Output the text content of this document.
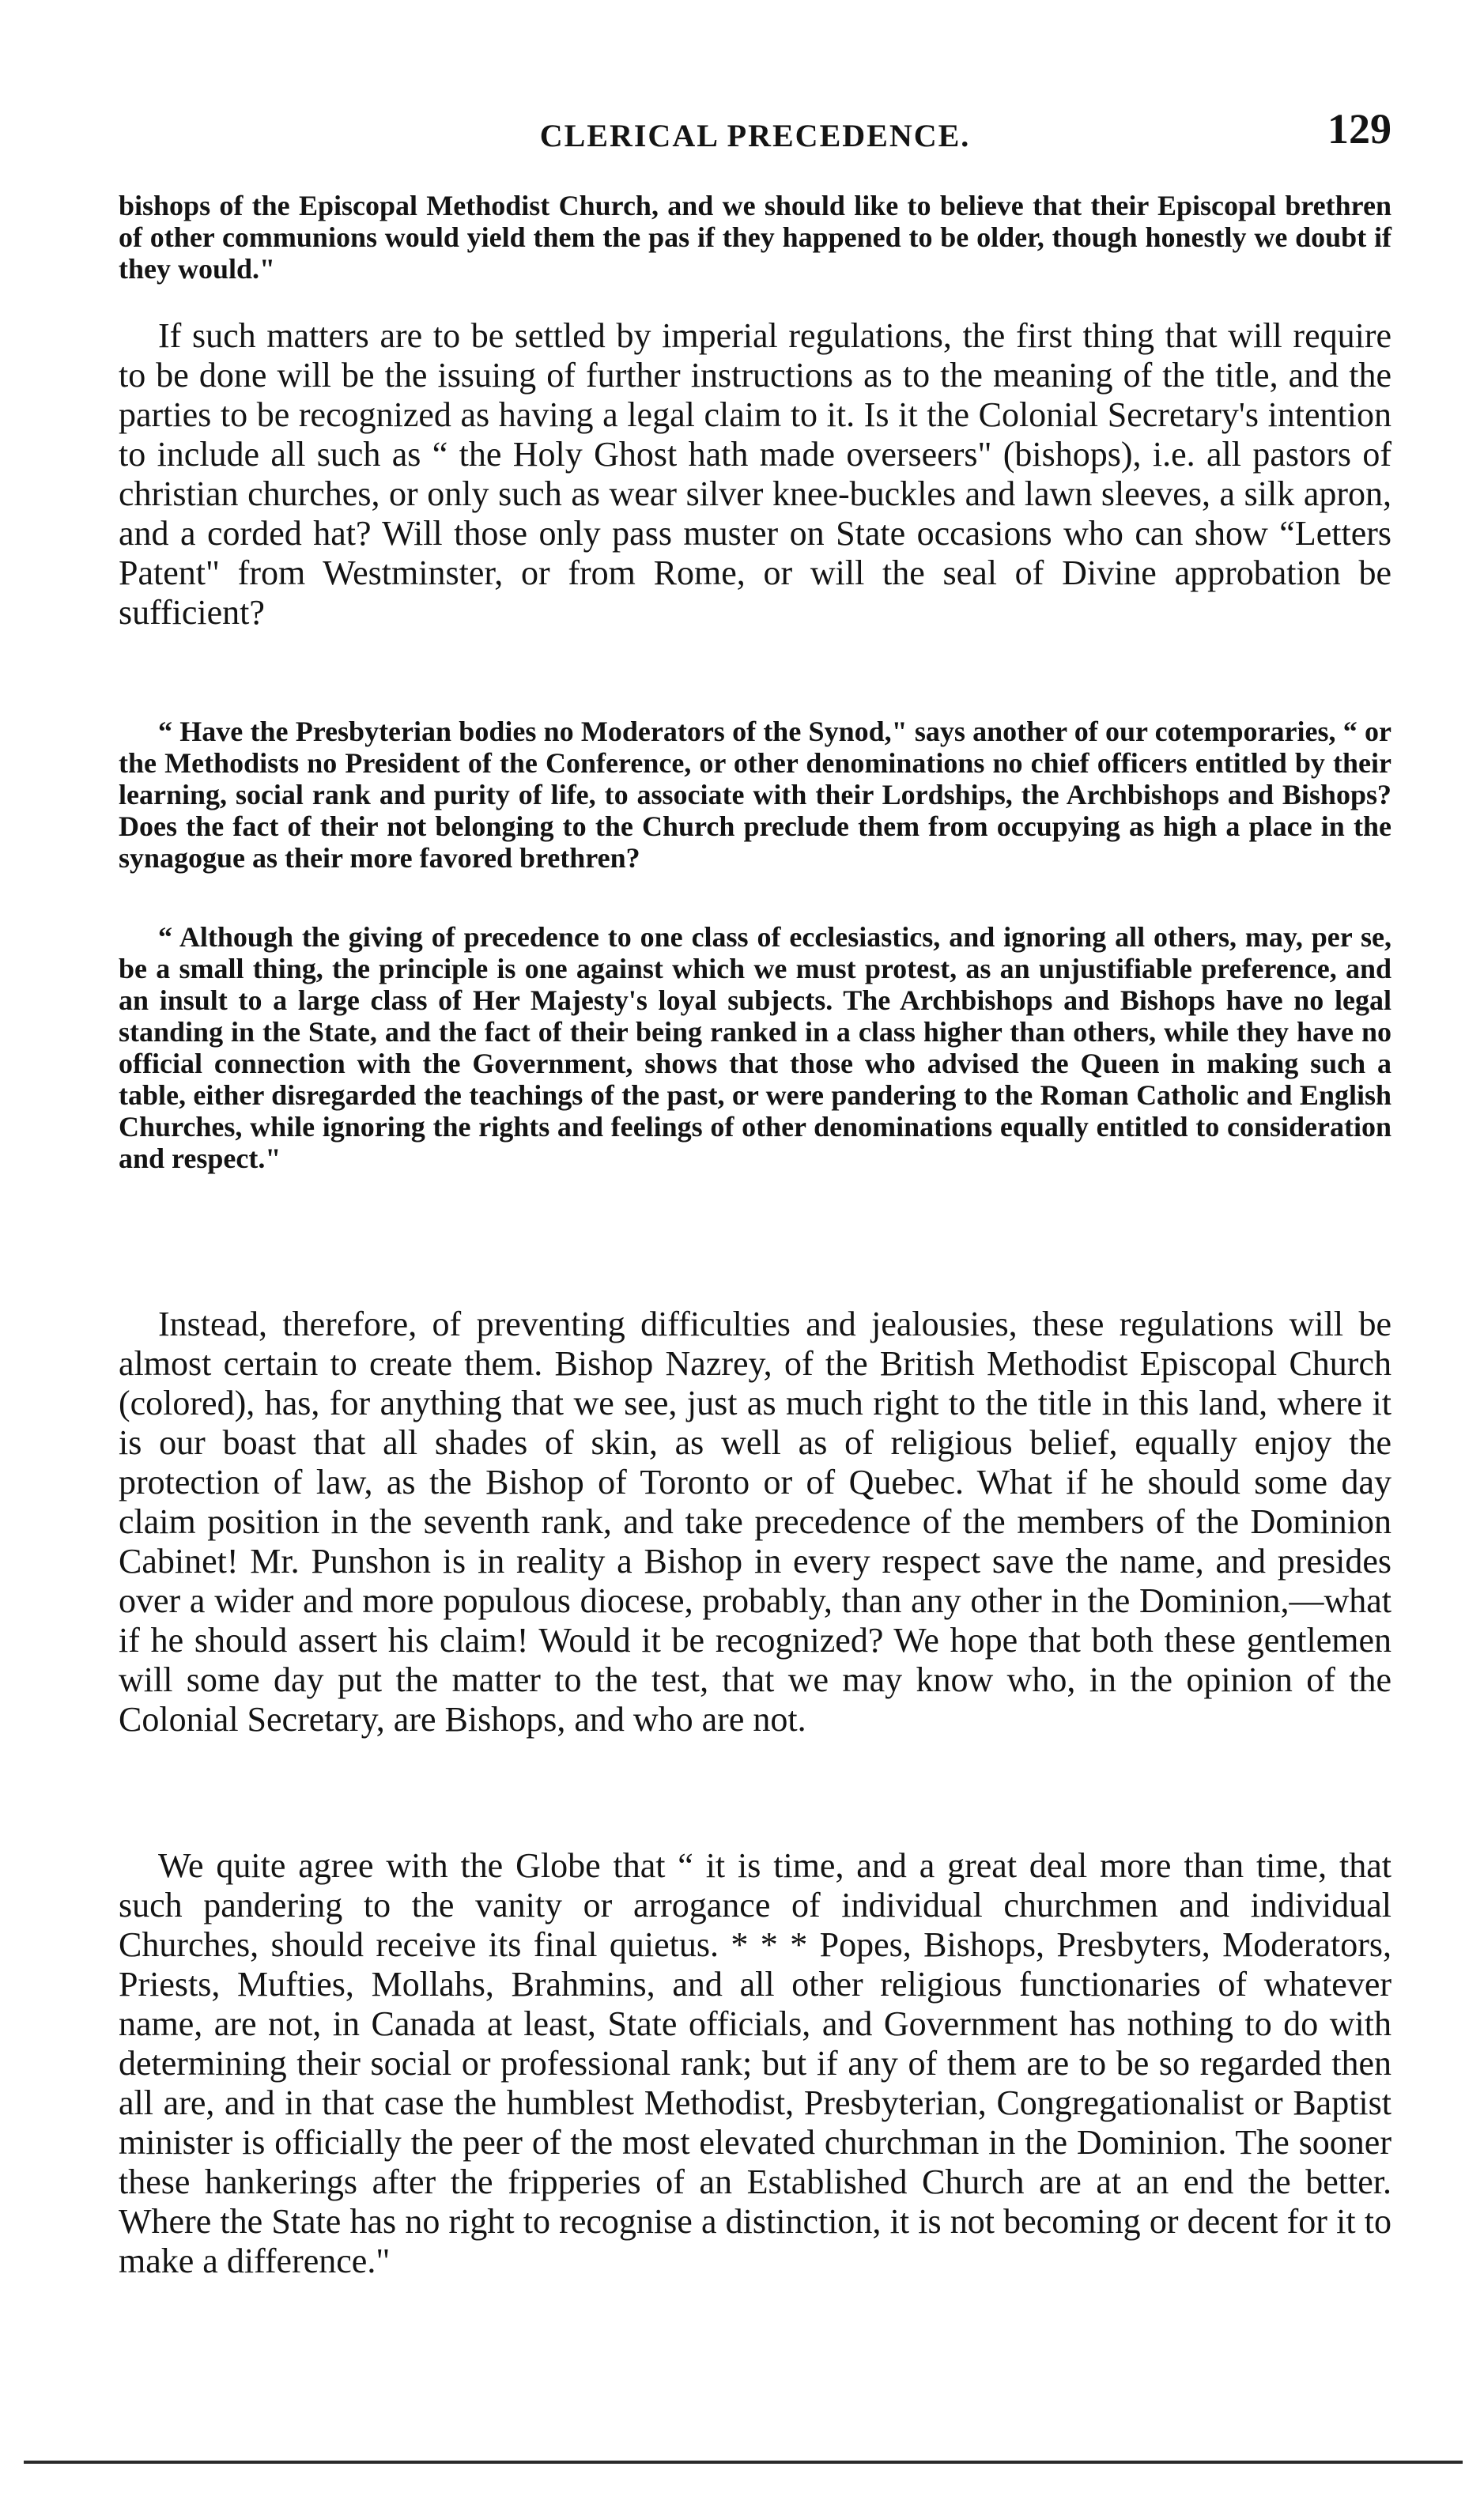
CLERICAL PRECEDENCE.	129

bishops of the Episcopal Methodist Church, and we should like to believe that their Episcopal brethren of other communions would yield them the pas if they happened to be older, though honestly we doubt if they would."

If such matters are to be settled by imperial regulations, the first thing that will require to be done will be the issuing of further instructions as to the meaning of the title, and the parties to be recognized as having a legal claim to it. Is it the Colonial Secretary's intention to include all such as “ the Holy Ghost hath made overseers" (bishops), i.e. all pastors of christian churches, or only such as wear silver knee-buckles and lawn sleeves, a silk apron, and a corded hat? Will those only pass muster on State occasions who can show “Letters Patent" from Westminster, or from Rome, or will the seal of Divine approbation be sufficient?

“ Have the Presbyterian bodies no Moderators of the Synod," says another of our cotemporaries, “ or the Methodists no President of the Conference, or other denominations no chief officers entitled by their learning, social rank and purity of life, to associate with their Lordships, the Archbishops and Bishops? Does the fact of their not belonging to the Church preclude them from occupying as high a place in the synagogue as their more favored brethren?

“ Although the giving of precedence to one class of ecclesiastics, and ignoring all others, may, per se, be a small thing, the principle is one against which we must protest, as an unjustifiable preference, and an insult to a large class of Her Majesty's loyal subjects. The Archbishops and Bishops have no legal standing in the State, and the fact of their being ranked in a class higher than others, while they have no official connection with the Government, shows that those who advised the Queen in making such a table, either disregarded the teachings of the past, or were pandering to the Roman Catholic and English Churches, while ignoring the rights and feelings of other denominations equally entitled to consideration and respect."

Instead, therefore, of preventing difficulties and jealousies, these regulations will be almost certain to create them. Bishop Nazrey, of the British Methodist Episcopal Church (colored), has, for anything that we see, just as much right to the title in this land, where it is our boast that all shades of skin, as well as of religious belief, equally enjoy the protection of law, as the Bishop of Toronto or of Quebec. What if he should some day claim position in the seventh rank, and take precedence of the members of the Dominion Cabinet! Mr. Punshon is in reality a Bishop in every respect save the name, and presides over a wider and more populous diocese, probably, than any other in the Dominion,—what if he should assert his claim! Would it be recognized? We hope that both these gentlemen will some day put the matter to the test, that we may know who, in the opinion of the Colonial Secretary, are Bishops, and who are not.

We quite agree with the Globe that “ it is time, and a great deal more than time, that such pandering to the vanity or arrogance of individual churchmen and individual Churches, should receive its final quietus. * * * Popes, Bishops, Presbyters, Moderators, Priests, Mufties, Mollahs, Brahmins, and all other religious functionaries of whatever name, are not, in Canada at least, State officials, and Government has nothing to do with determining their social or professional rank; but if any of them are to be so regarded then all are, and in that case the humblest Methodist, Presbyterian, Congregationalist or Baptist minister is officially the peer of the most elevated churchman in the Dominion. The sooner these hankerings after the fripperies of an Established Church are at an end the better. Where the State has no right to recognise a distinction, it is not becoming or decent for it to make a difference."
